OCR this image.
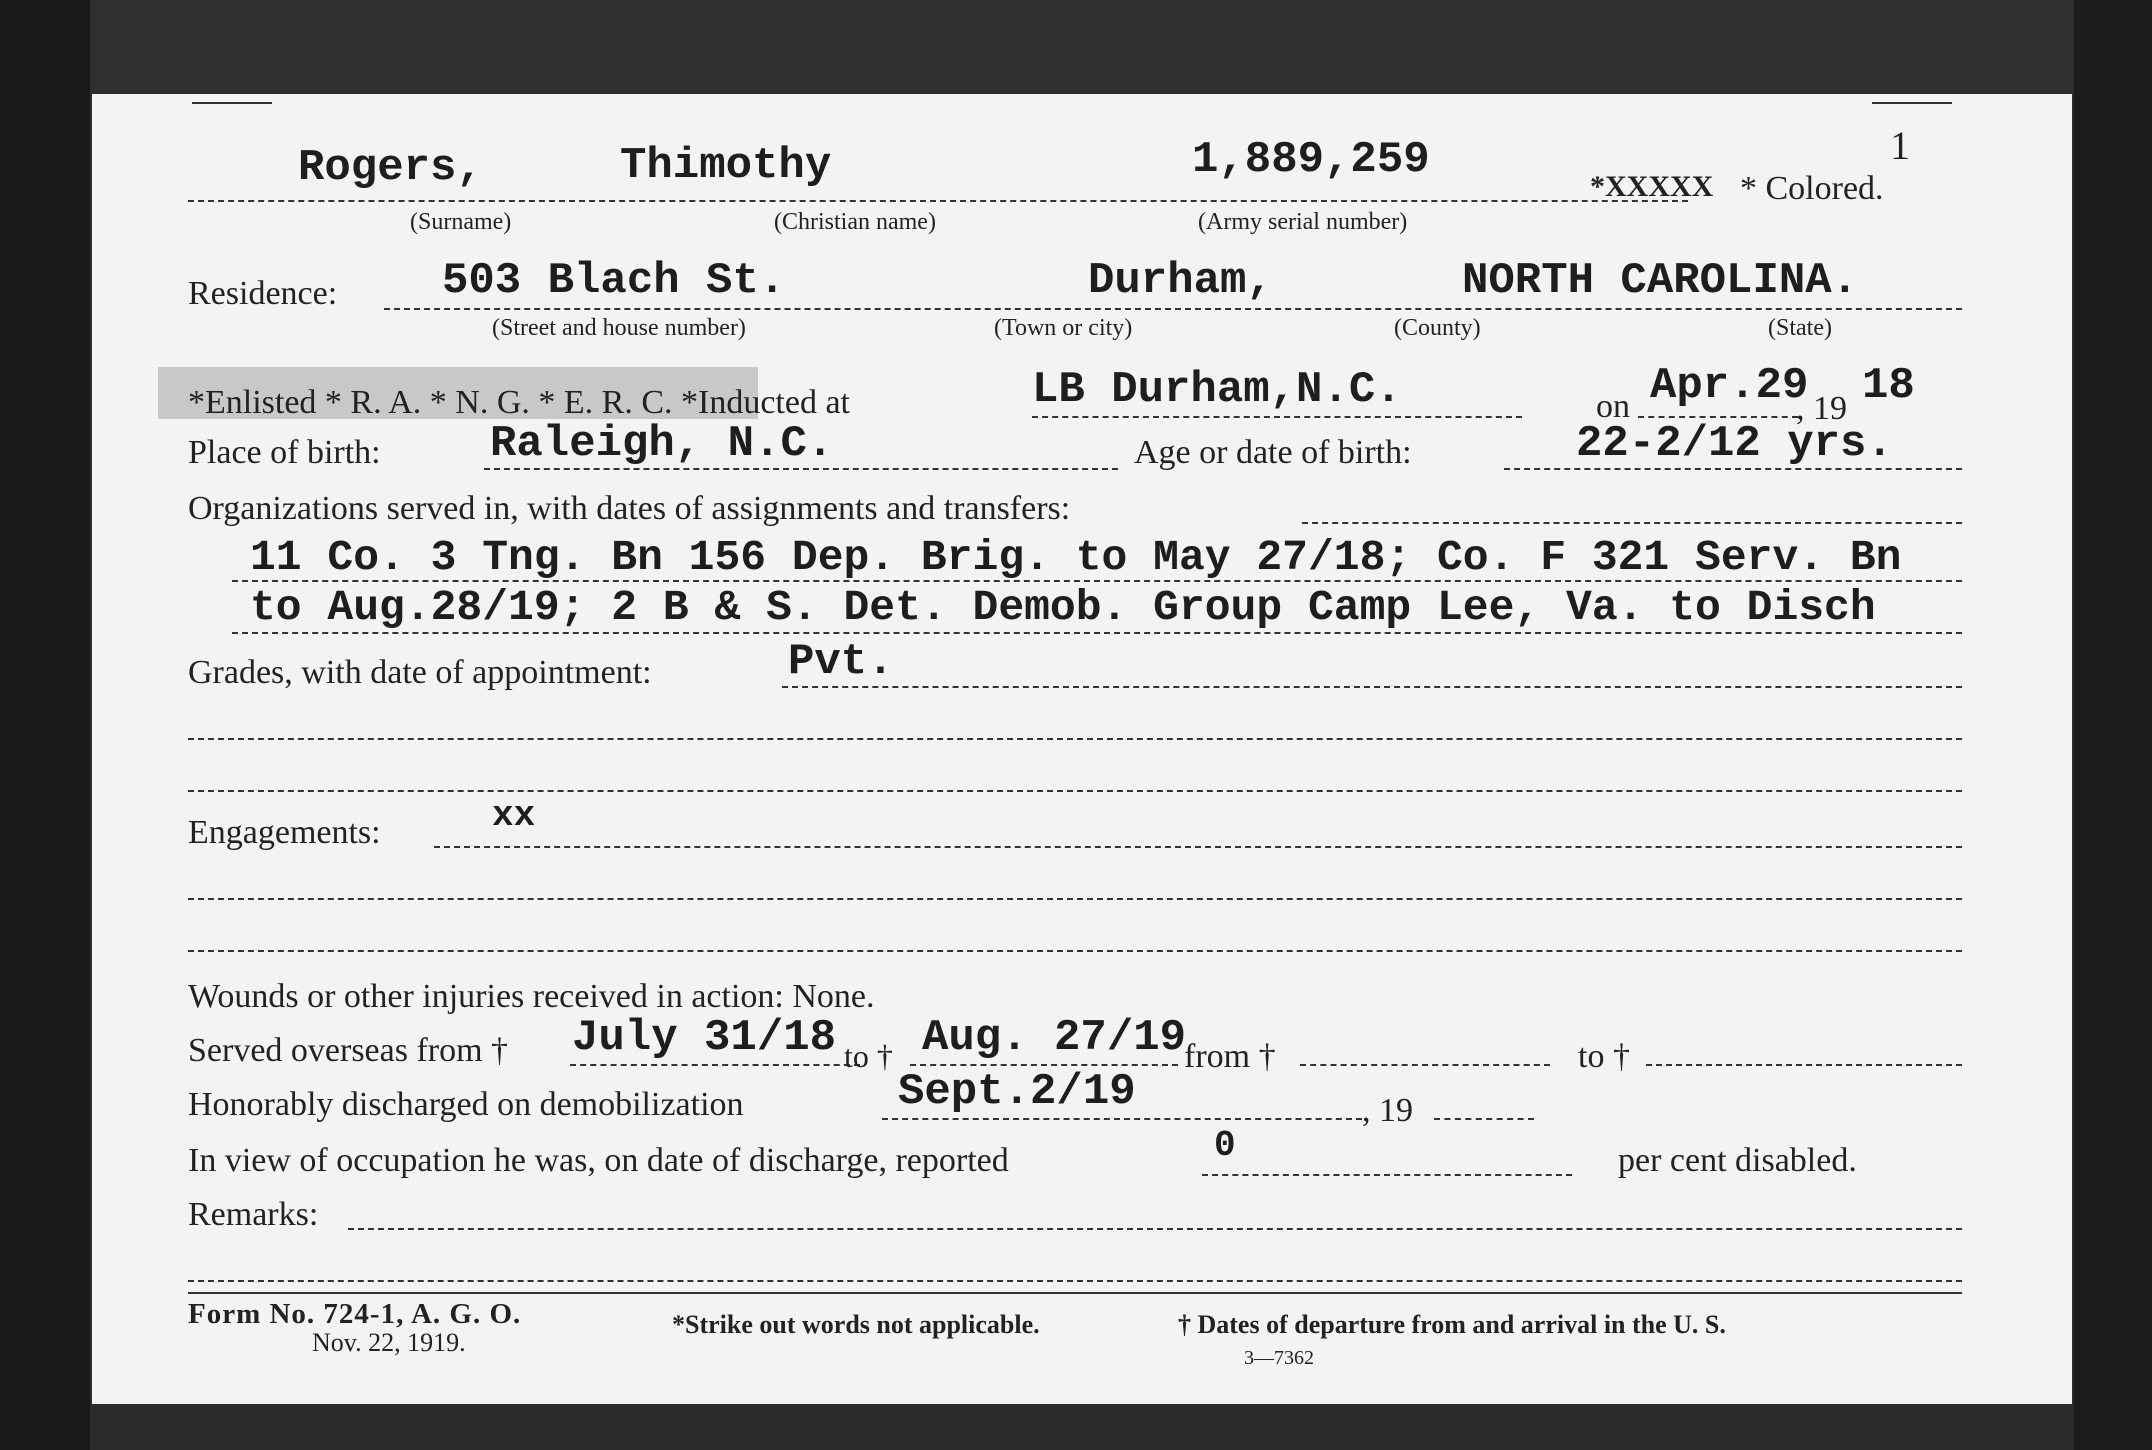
1
Rogers,	Thimothy	1,889,259
*XXXXX * Colored.
(Surname)	(Christian name)	(Army serial number)
Residence: 503 Blach St.	Durham,	NORTH CAROLINA.
(Street and house number)	(Town or city)	(County)	(State)
*Enlisted * R. A. * N. G. * E. R. C. *Inducted at	LB Durham,N.C.	on Apr.29
, 19 18
Place of birth: Raleigh, N.C.	Age or date of birth:	22-2/12 yrs.
Organizations served in, with dates of assignments and transfers:
11 Co. 3 Tng. Bn 156 Dep. Brig. to May 27/18; Co. F 321 Serv. Bn
to Aug.28/19; 2 B & S. Det. Demob. Group Camp Lee, Va. to Disch
Grades, with date of appointment:	Pvt.
Engagements:	xx
Wounds or other injuries received in action: None.
Served overseas from † July 31/18 to † Aug. 27/19
from †	to †
Honorably discharged on demobilization	Sept.2/19	, 19
In view of occupation he was, on date of discharge, reported	0	per cent disabled.
Remarks:
Form No. 724-1, A. G. O.
Nov. 22, 1919.
*Strike out words not applicable.	† Dates of departure from and arrival in the U. S.
3—7362
